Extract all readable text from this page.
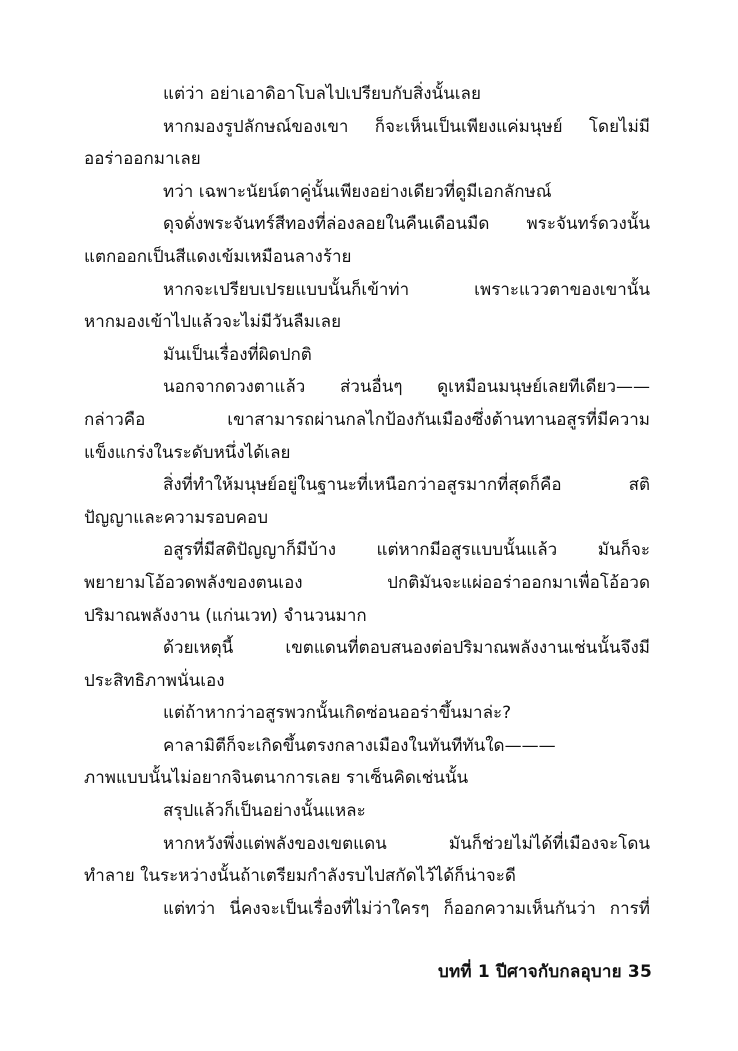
แต่ว่า อย่าเอาดิอาโบลไปเปรียบกับสิ่งนั้นเลย

หากมองรูปลักษณ์ของเขา ก็จะเห็นเป็นเพียงแค่มนุษย์ โดยไม่มี
ออร่าออกมาเลย

ทว่า เฉพาะนัยน์ตาคู่นั้นเพียงอย่างเดียวที่ดูมีเอกลักษณ์

ดุจดั่งพระจันทร์สีทองที่ล่องลอยในคืนเดือนมืด พระจันทร์ดวงนั้น
แตกออกเป็นสีแดงเข้มเหมือนลางร้าย

หากจะเปรียบเปรยแบบนั้นก็เข้าท่า เพราะแววตาของเขานั้น
หากมองเข้าไปแล้วจะไม่มีวันลืมเลย

มันเป็นเรื่องที่ผิดปกติ

นอกจากดวงตาแล้ว ส่วนอื่นๆ ดูเหมือนมนุษย์เลยทีเดียว——
กล่าวคือ เขาสามารถผ่านกลไกป้องกันเมืองซึ่งต้านทานอสูรที่มีความ
แข็งแกร่งในระดับหนึ่งได้เลย

สิ่งที่ทำให้มนุษย์อยู่ในฐานะที่เหนือกว่าอสูรมากที่สุดก็คือ สติ
ปัญญาและความรอบคอบ

อสูรที่มีสติปัญญาก็มีบ้าง แต่หากมีอสูรแบบนั้นแล้ว มันก็จะ
พยายามโอ้อวดพลังของตนเอง ปกติมันจะแผ่ออร่าออกมาเพื่อโอ้อวด
ปริมาณพลังงาน (แก่นเวท) จำนวนมาก

ด้วยเหตุนี้ เขตแดนที่ตอบสนองต่อปริมาณพลังงานเช่นนั้นจึงมี
ประสิทธิภาพนั่นเอง

แต่ถ้าหากว่าอสูรพวกนั้นเกิดซ่อนออร่าขึ้นมาล่ะ?

คาลามิตีก็จะเกิดขึ้นตรงกลางเมืองในทันทีทันใด———
ภาพแบบนั้นไม่อยากจินตนาการเลย ราเซ็นคิดเช่นนั้น

สรุปแล้วก็เป็นอย่างนั้นแหละ

หากหวังพึ่งแต่พลังของเขตแดน มันก็ช่วยไม่ได้ที่เมืองจะโดน
ทำลาย ในระหว่างนั้นถ้าเตรียมกำลังรบไปสกัดไว้ได้ก็น่าจะดี

แต่ทว่า นี่คงจะเป็นเรื่องที่ไม่ว่าใครๆ ก็ออกความเห็นกันว่า การที่

บทที่ 1 ปีศาจกับกลอุบาย 35
